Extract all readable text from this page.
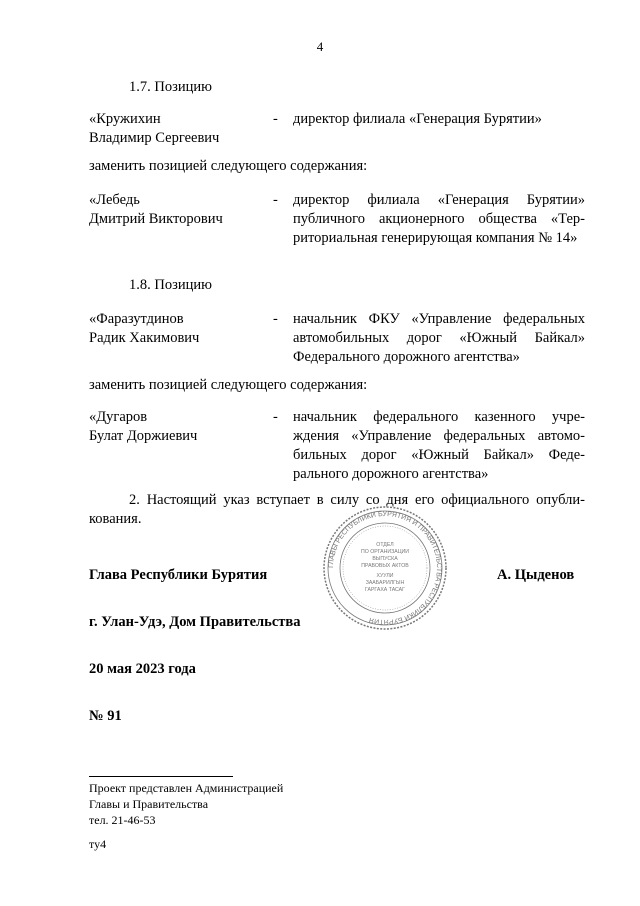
4
1.7. Позицию
«Кружихин
Владимир Сергеевич
-	директор филиала «Генерация Бурятии»
заменить позицией следующего содержания:
«Лебедь
Дмитрий Викторович
-	директор филиала «Генерация Бурятии» публичного акционерного общества «Тер-риториальная генерирующая компания № 14»
1.8. Позицию
«Фаразутдинов
Радик Хакимович
-	начальник ФКУ «Управление федеральных автомобильных дорог «Южный Байкал» Федерального дорожного агентства»
заменить позицией следующего содержания:
«Дугаров
Булат Доржиевич
-	начальник федерального казенного учре-ждения «Управление федеральных автомо-бильных дорог «Южный Байкал» Феде-рального дорожного агентства»
2. Настоящий указ вступает в силу со дня его официального опубли-кования.
ГЛАВЫ РЕСПУБЛИКИ БУРЯТИЯ И ПРАВИТЕЛЬСТВА РЕСПУБЛИКИ БУРЯТИЯ
ОТДЕЛ
ПО ОРГАНИЗАЦИИ
ВЫПУСКА
ПРАВОВЫХ АКТОВ
ХУУЛИ
ЗААБАРИЛГЫН
ГАРГАХА ТАСАГ
Глава Республики Бурятия	А. Цыденов
г. Улан-Удэ, Дом Правительства
20 мая 2023 года
№ 91
Проект представлен Администрацией
Главы и Правительства
тел. 21-46-53
ту4
